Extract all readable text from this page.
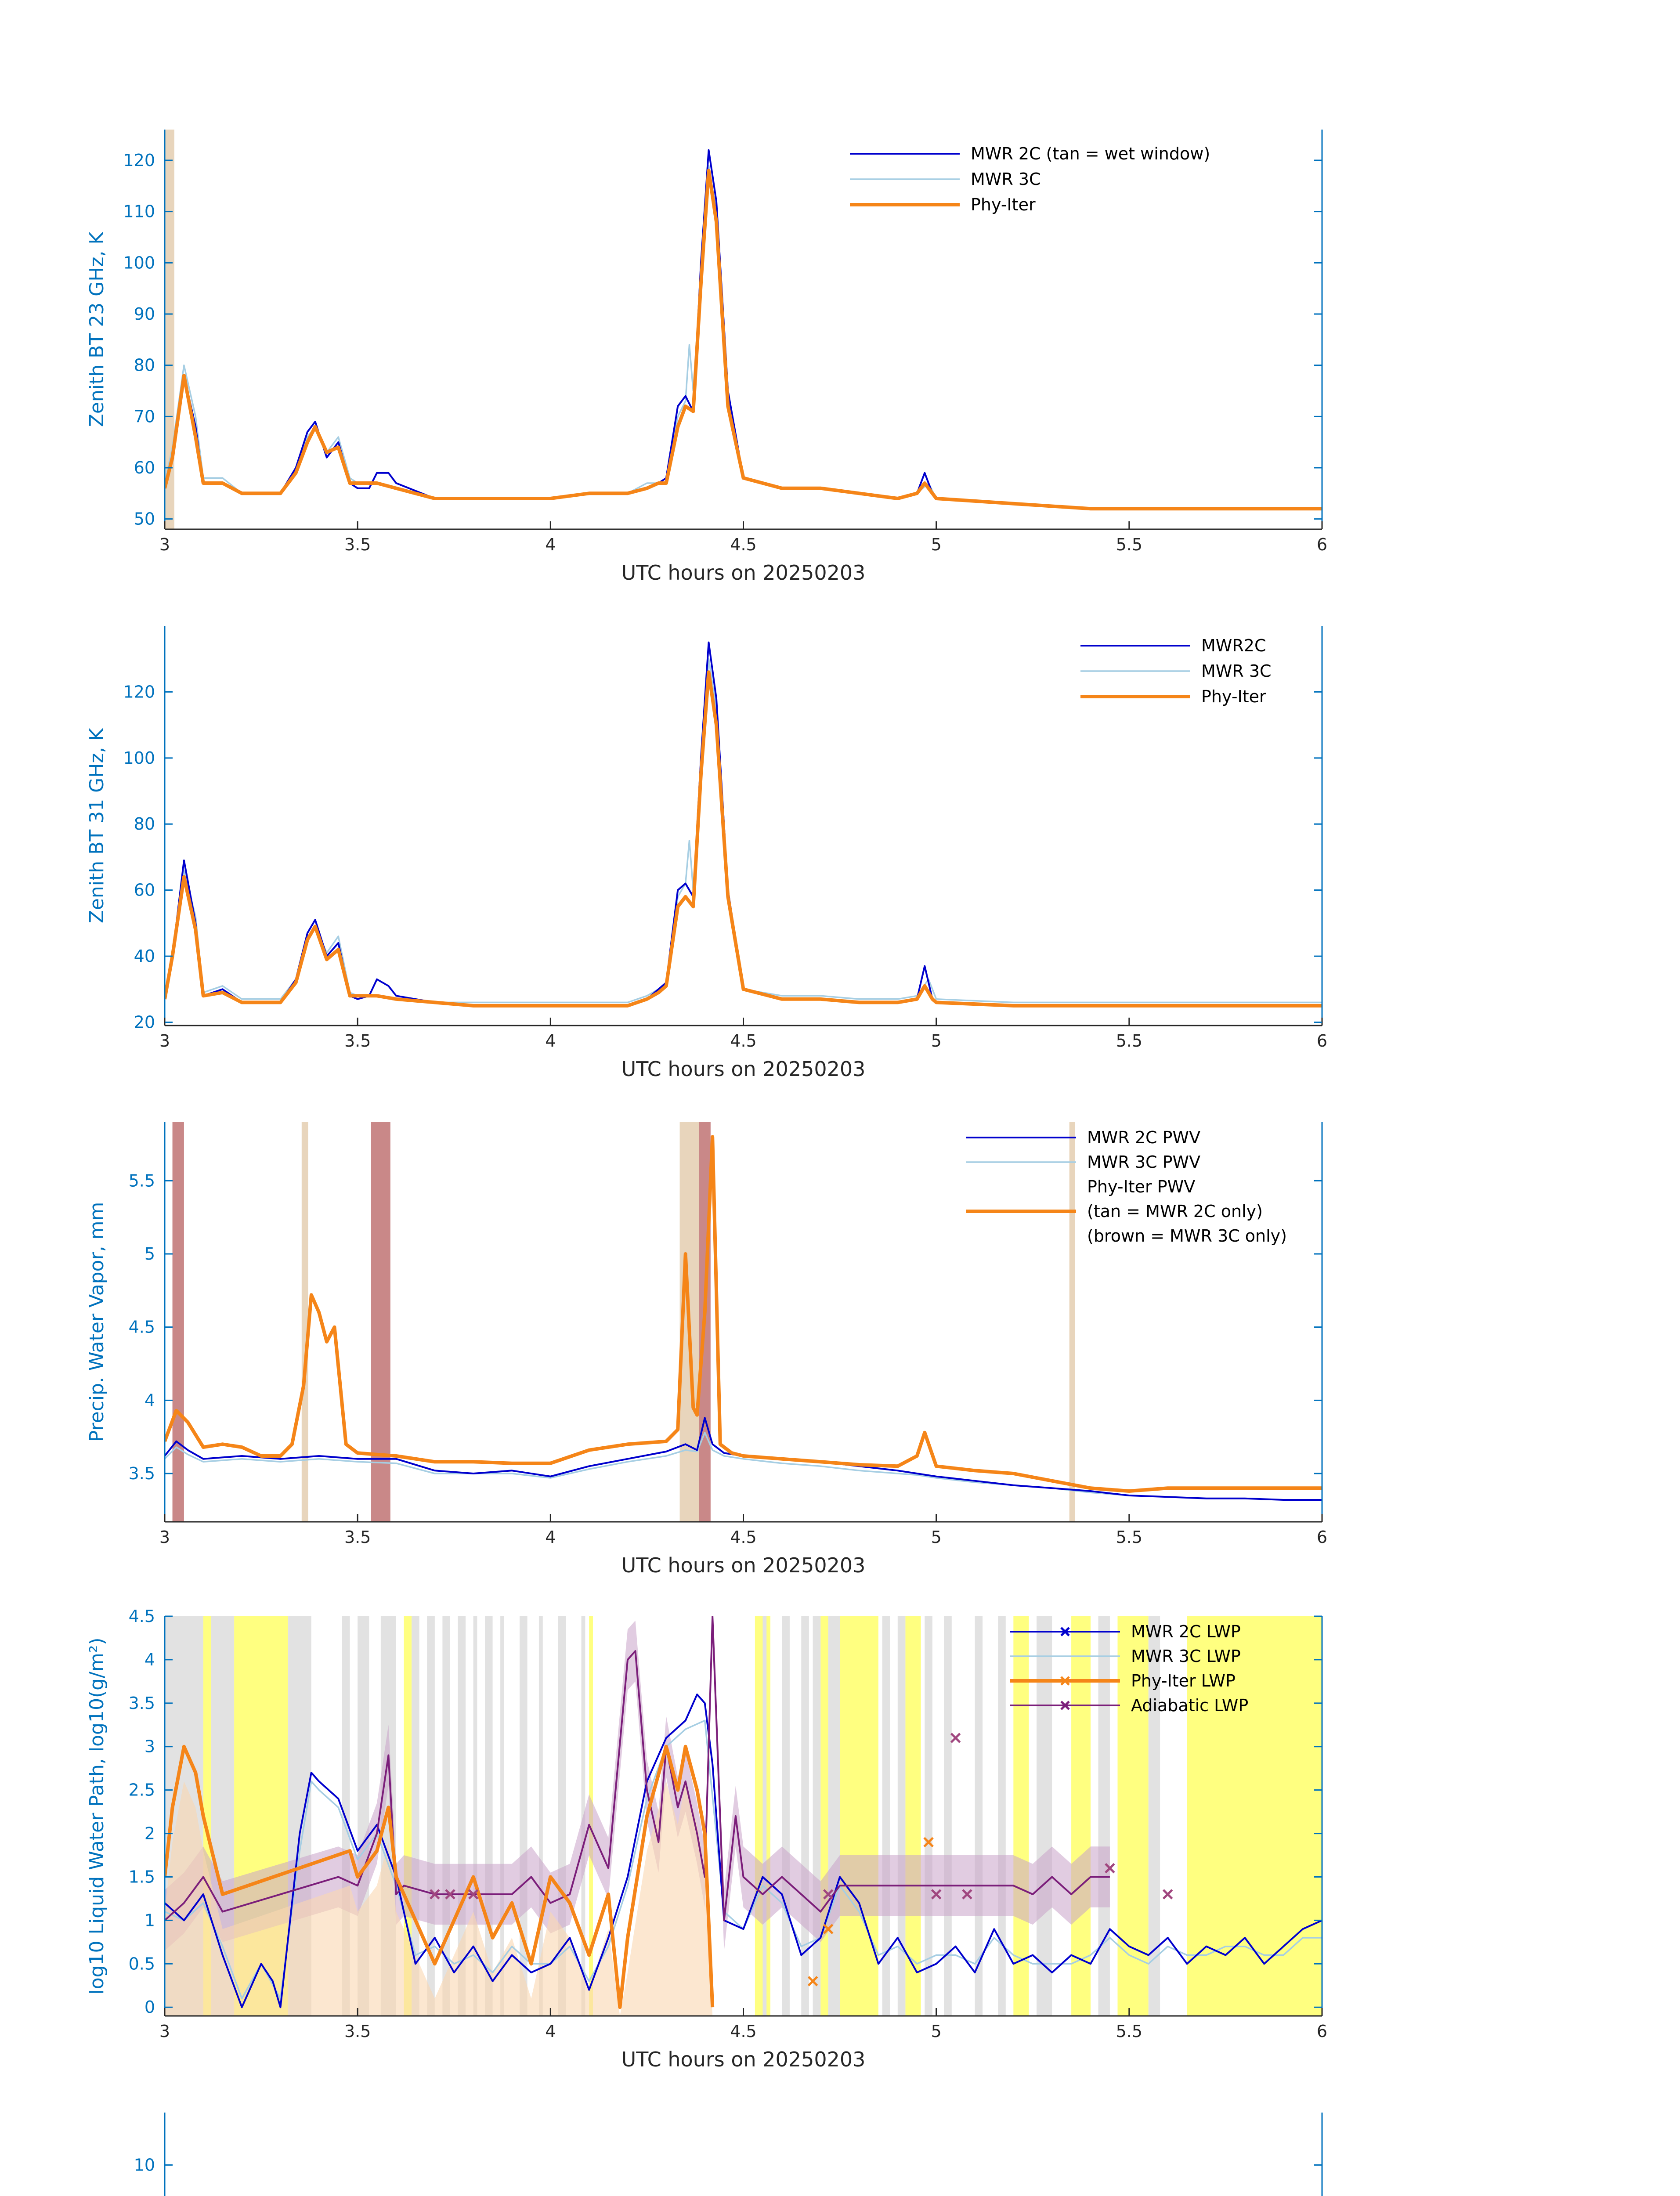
3	3.5	4	4.5	5	5.5	6
50
60
70
80
90
100
110
120
UTC hours on 20250203
Zenith BT 23 GHz, K
MWR 2C (tan = wet window)
MWR 3C
Phy-Iter
3	3.5	4	4.5	5	5.5	6
20
40
60
80
100
120
UTC hours on 20250203
Zenith BT 31 GHz, K
MWR2C
MWR 3C
Phy-Iter
3	3.5	4	4.5	5	5.5	6
3.5
4
4.5
5
5.5
UTC hours on 20250203
Precip. Water Vapor, mm
MWR 2C PWV
MWR 3C PWV
Phy-Iter PWV
(tan = MWR 2C only)
(brown = MWR 3C only)
3	3.5	4	4.5	5	5.5	6
0
0.5
1
1.5
2
2.5
3
3.5
4
4.5
UTC hours on 20250203
log10 Liquid Water Path, log10(g/m²)
MWR 2C LWP
MWR 3C LWP
Phy-Iter LWP
Adiabatic LWP
10
